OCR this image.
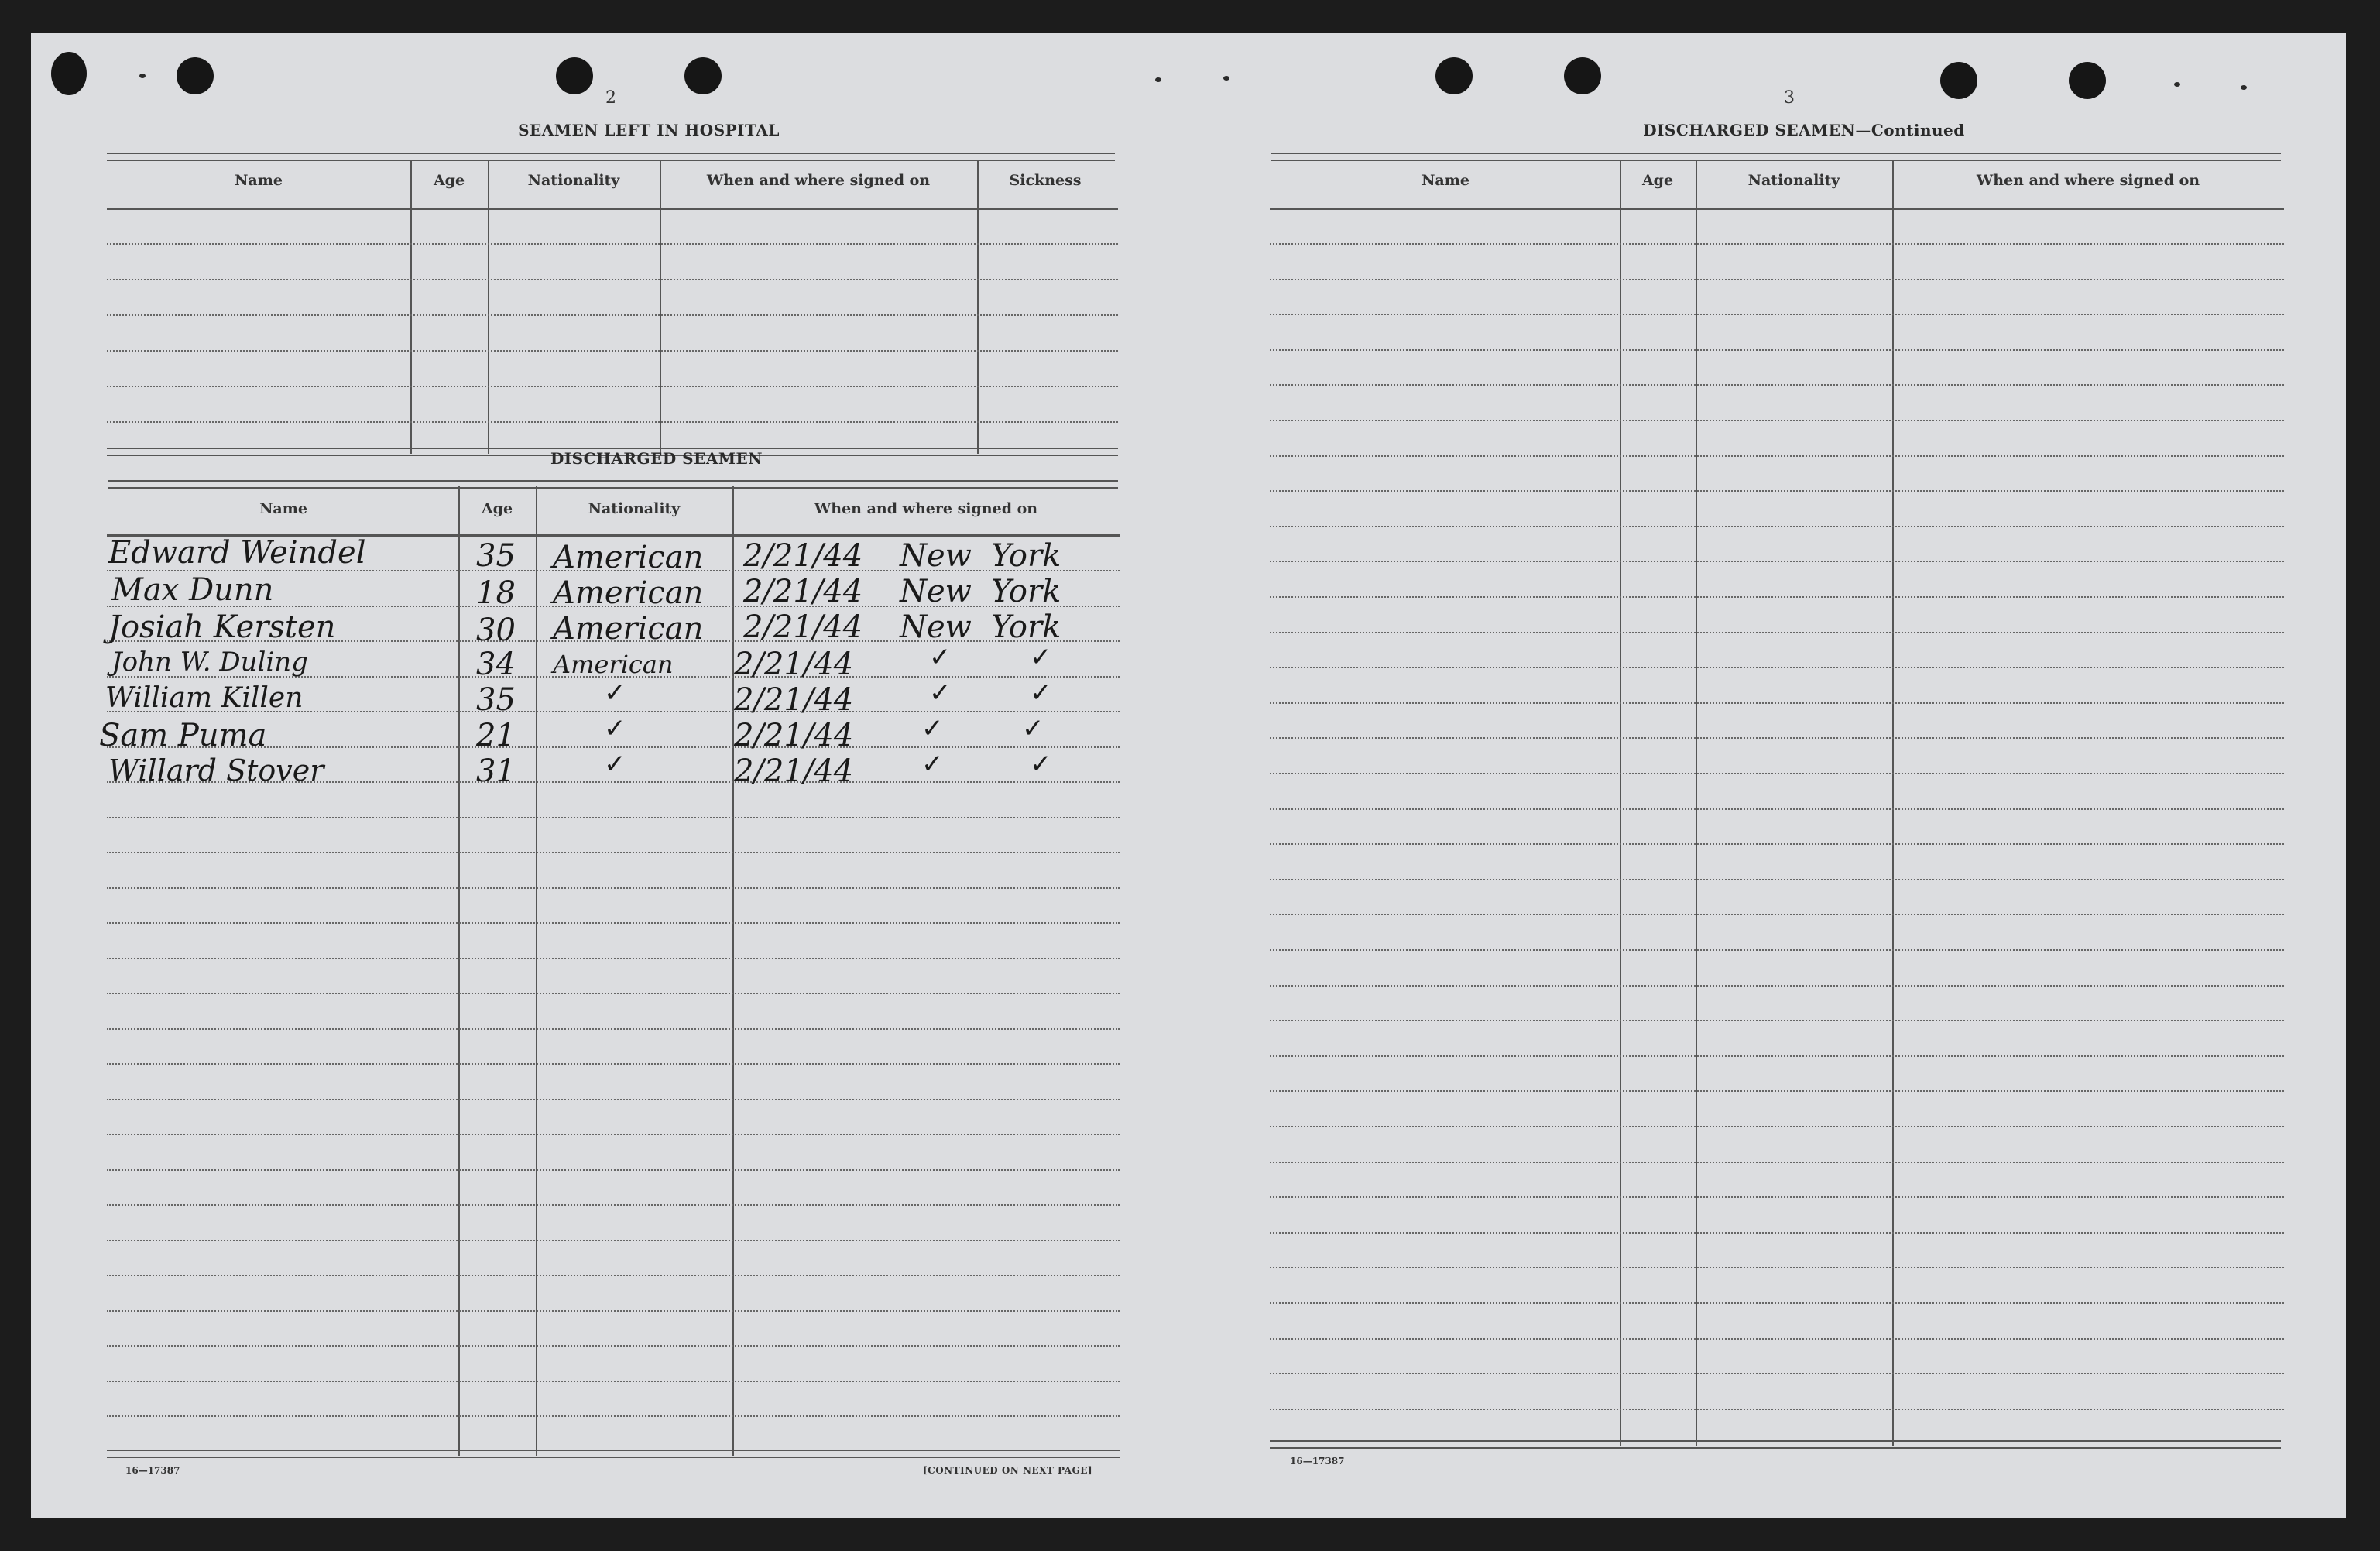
2
SEAMEN LEFT IN HOSPITAL
Name	Age	Nationality	When and where signed on	Sickness
DISCHARGED SEAMEN
Name	Age	Nationality	When and where signed on
Edward Weindel	35 American 2/21/44 New York
Max Dunn	18 American 2/21/44 New York
Josiah Kersten	30 American 2/21/44 New York
John W. Duling	34 American 2/21/44	✓	✓
William Killen	35	✓	2/21/44	✓	✓
Sam Puma	21	✓	2/21/44	✓	✓
Willard Stover	31	✓	2/21/44	✓	✓
16—17387	[CONTINUED ON NEXT PAGE]
3
DISCHARGED SEAMEN—Continued
Name	Age	Nationality	When and where signed on
16—17387
